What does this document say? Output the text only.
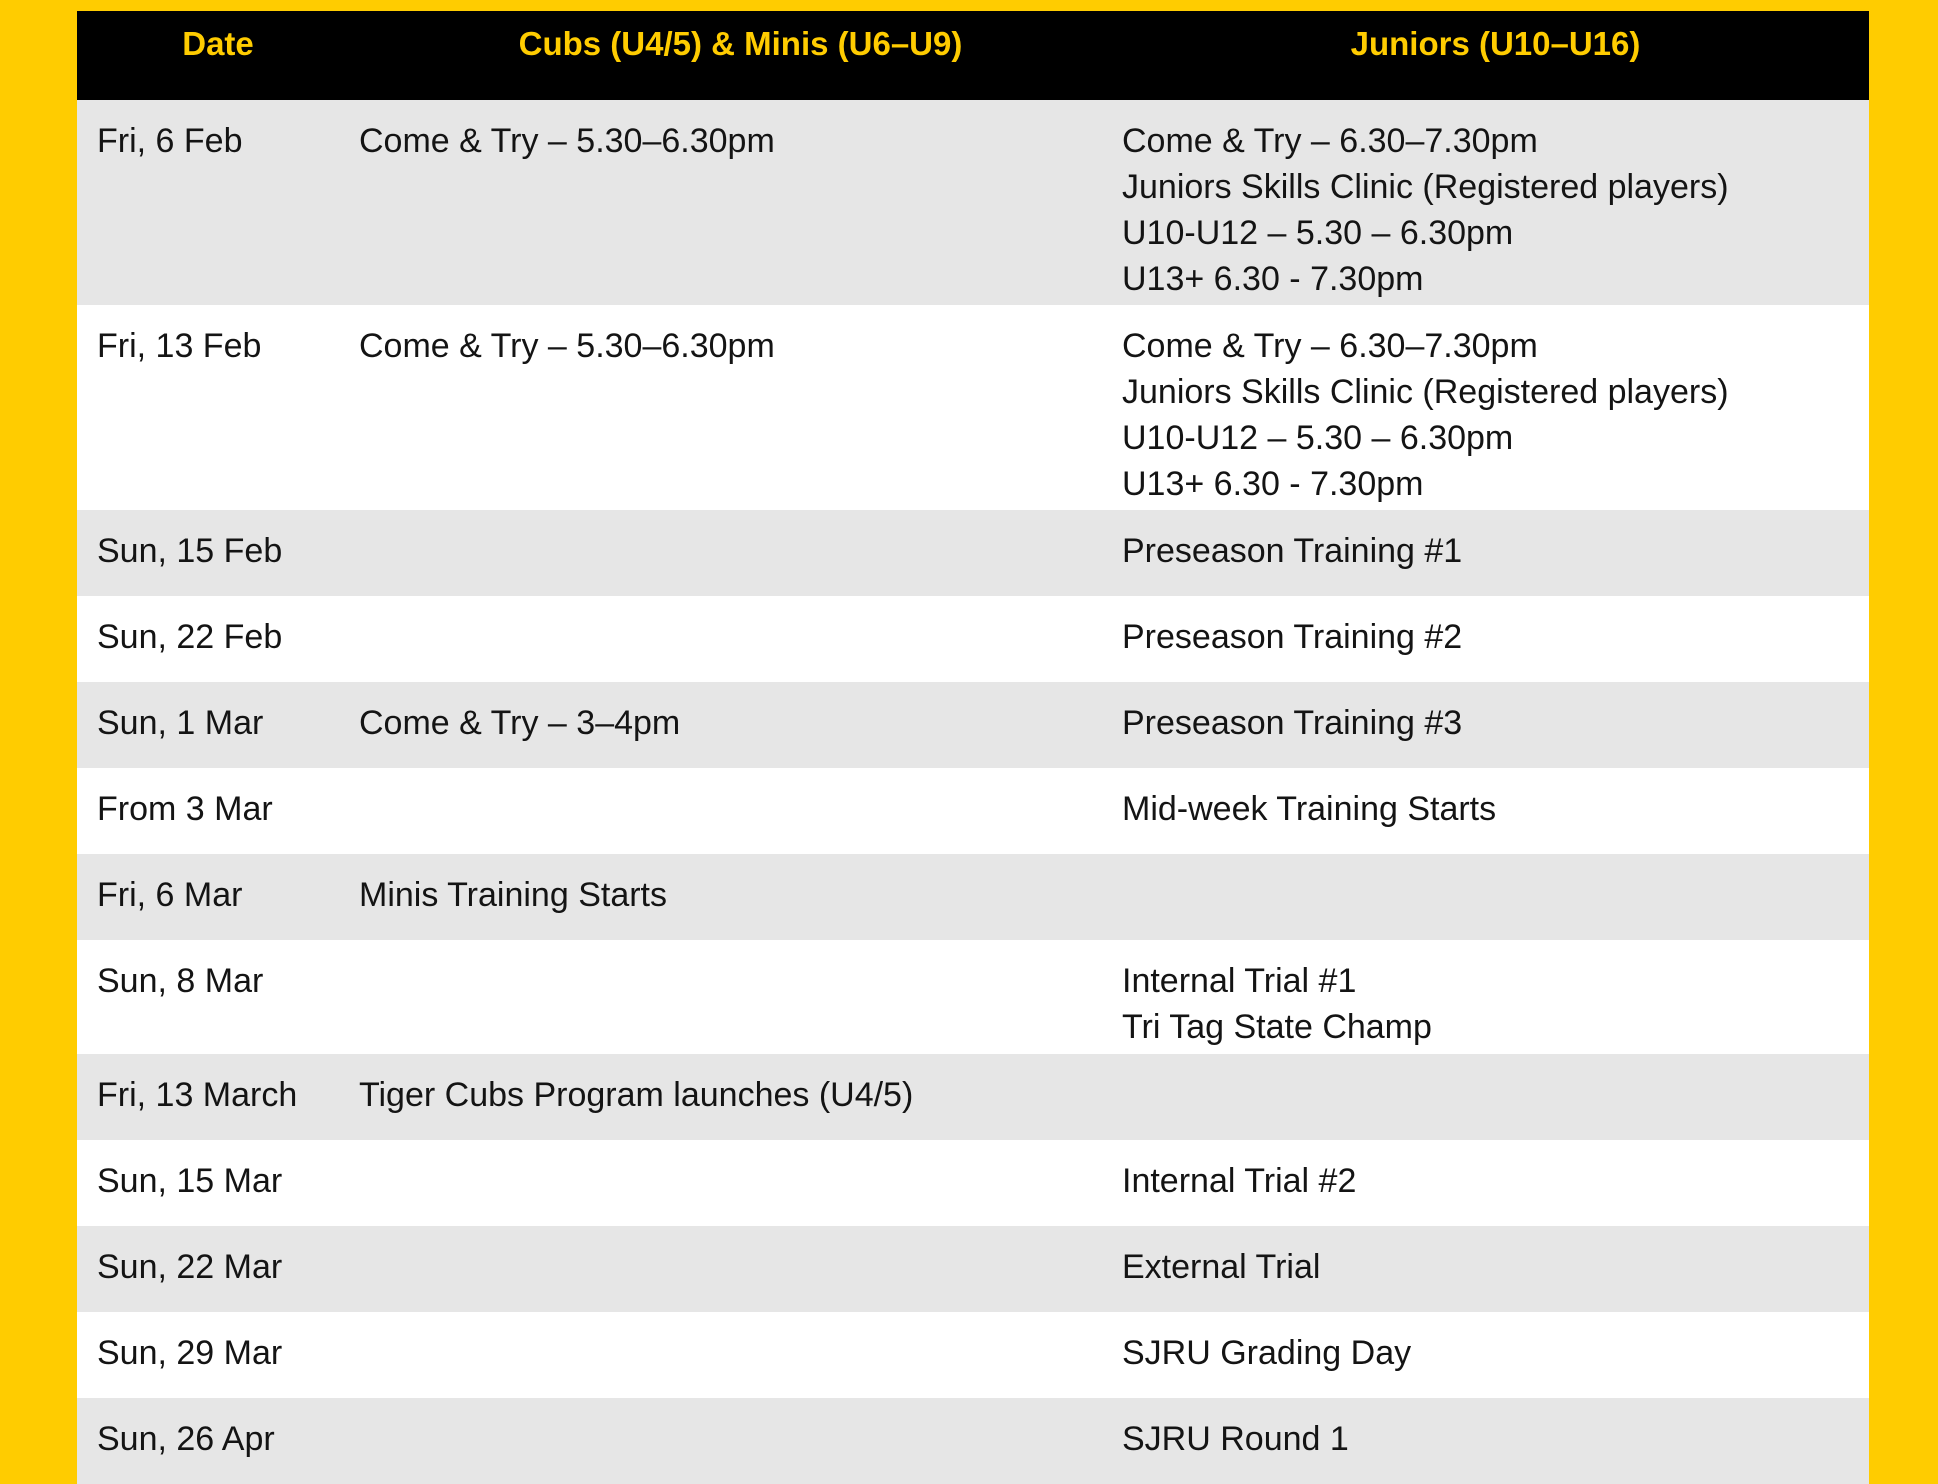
Date	Cubs (U4/5) & Minis (U6–U9)	Juniors (U10–U16)
Fri, 6 Feb	Come & Try – 5.30–6.30pm	Come & Try – 6.30–7.30pm
Juniors Skills Clinic (Registered players)
U10-U12 – 5.30 – 6.30pm
U13+ 6.30 - 7.30pm

Fri, 13 Feb	Come & Try – 5.30–6.30pm	Come & Try – 6.30–7.30pm
Juniors Skills Clinic (Registered players)
U10-U12 – 5.30 – 6.30pm
U13+ 6.30 - 7.30pm

Sun, 15 Feb		Preseason Training #1

Sun, 22 Feb		Preseason Training #2

Sun, 1 Mar	Come & Try – 3–4pm	Preseason Training #3

From 3 Mar		Mid-week Training Starts

Fri, 6 Mar	Minis Training Starts	

Sun, 8 Mar		Internal Trial #1
Tri Tag State Champ

Fri, 13 March	Tiger Cubs Program launches (U4/5)	

Sun, 15 Mar		Internal Trial #2

Sun, 22 Mar		External Trial

Sun, 29 Mar		SJRU Grading Day

Sun, 26 Apr		SJRU Round 1
